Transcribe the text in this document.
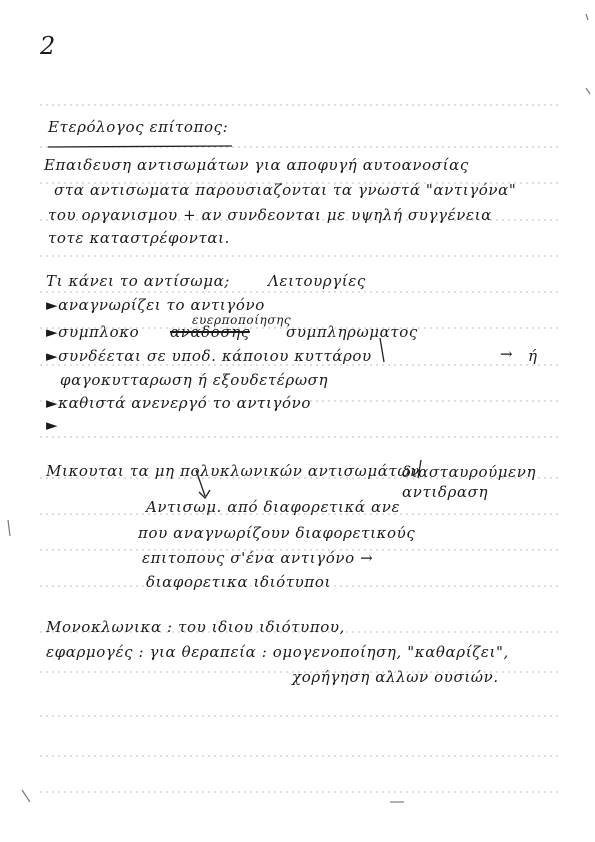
2
Ετερόλογος επίτοπος:
Επαιδευση αντισωμάτων για αποφυγή αυτοανοσίας
στα αντισωματα παρουσιαζονται τα γνωστά "αντιγόνα"
του οργανισμου + αν συνδεονται με υψηλή συγγένεια
τοτε καταστρέφονται.
Τι κάνει το αντίσωμα;	Λειτουργίες
►αναγνωρίζει το αντιγόνο
ευερποποίησης
►συμπλοκο αναδοσης συμπληρωματος
►συνδέεται σε υποδ. κάποιου κυττάρου	→ ή
φαγοκυτταρωση ή εξουδετέρωση
►καθιστά ανενεργό το αντιγόνο
►
Μικουται τα μη πολυκλωνικών αντισωμάτων
διασταυρούμενη αντιδραση
Αντισωμ. από διαφορετικά ανε
που αναγνωρίζουν διαφορετικούς
επιτοπους σ'ένα αντιγόνο →
διαφορετικα ιδιότυποι
Μονοκλωνικα : του ιδιου ιδιότυπου,
εφαρμογές : για θεραπεία : ομογενοποίηση, "καθαρίζει",
χορήγηση αλλων ουσιών.
